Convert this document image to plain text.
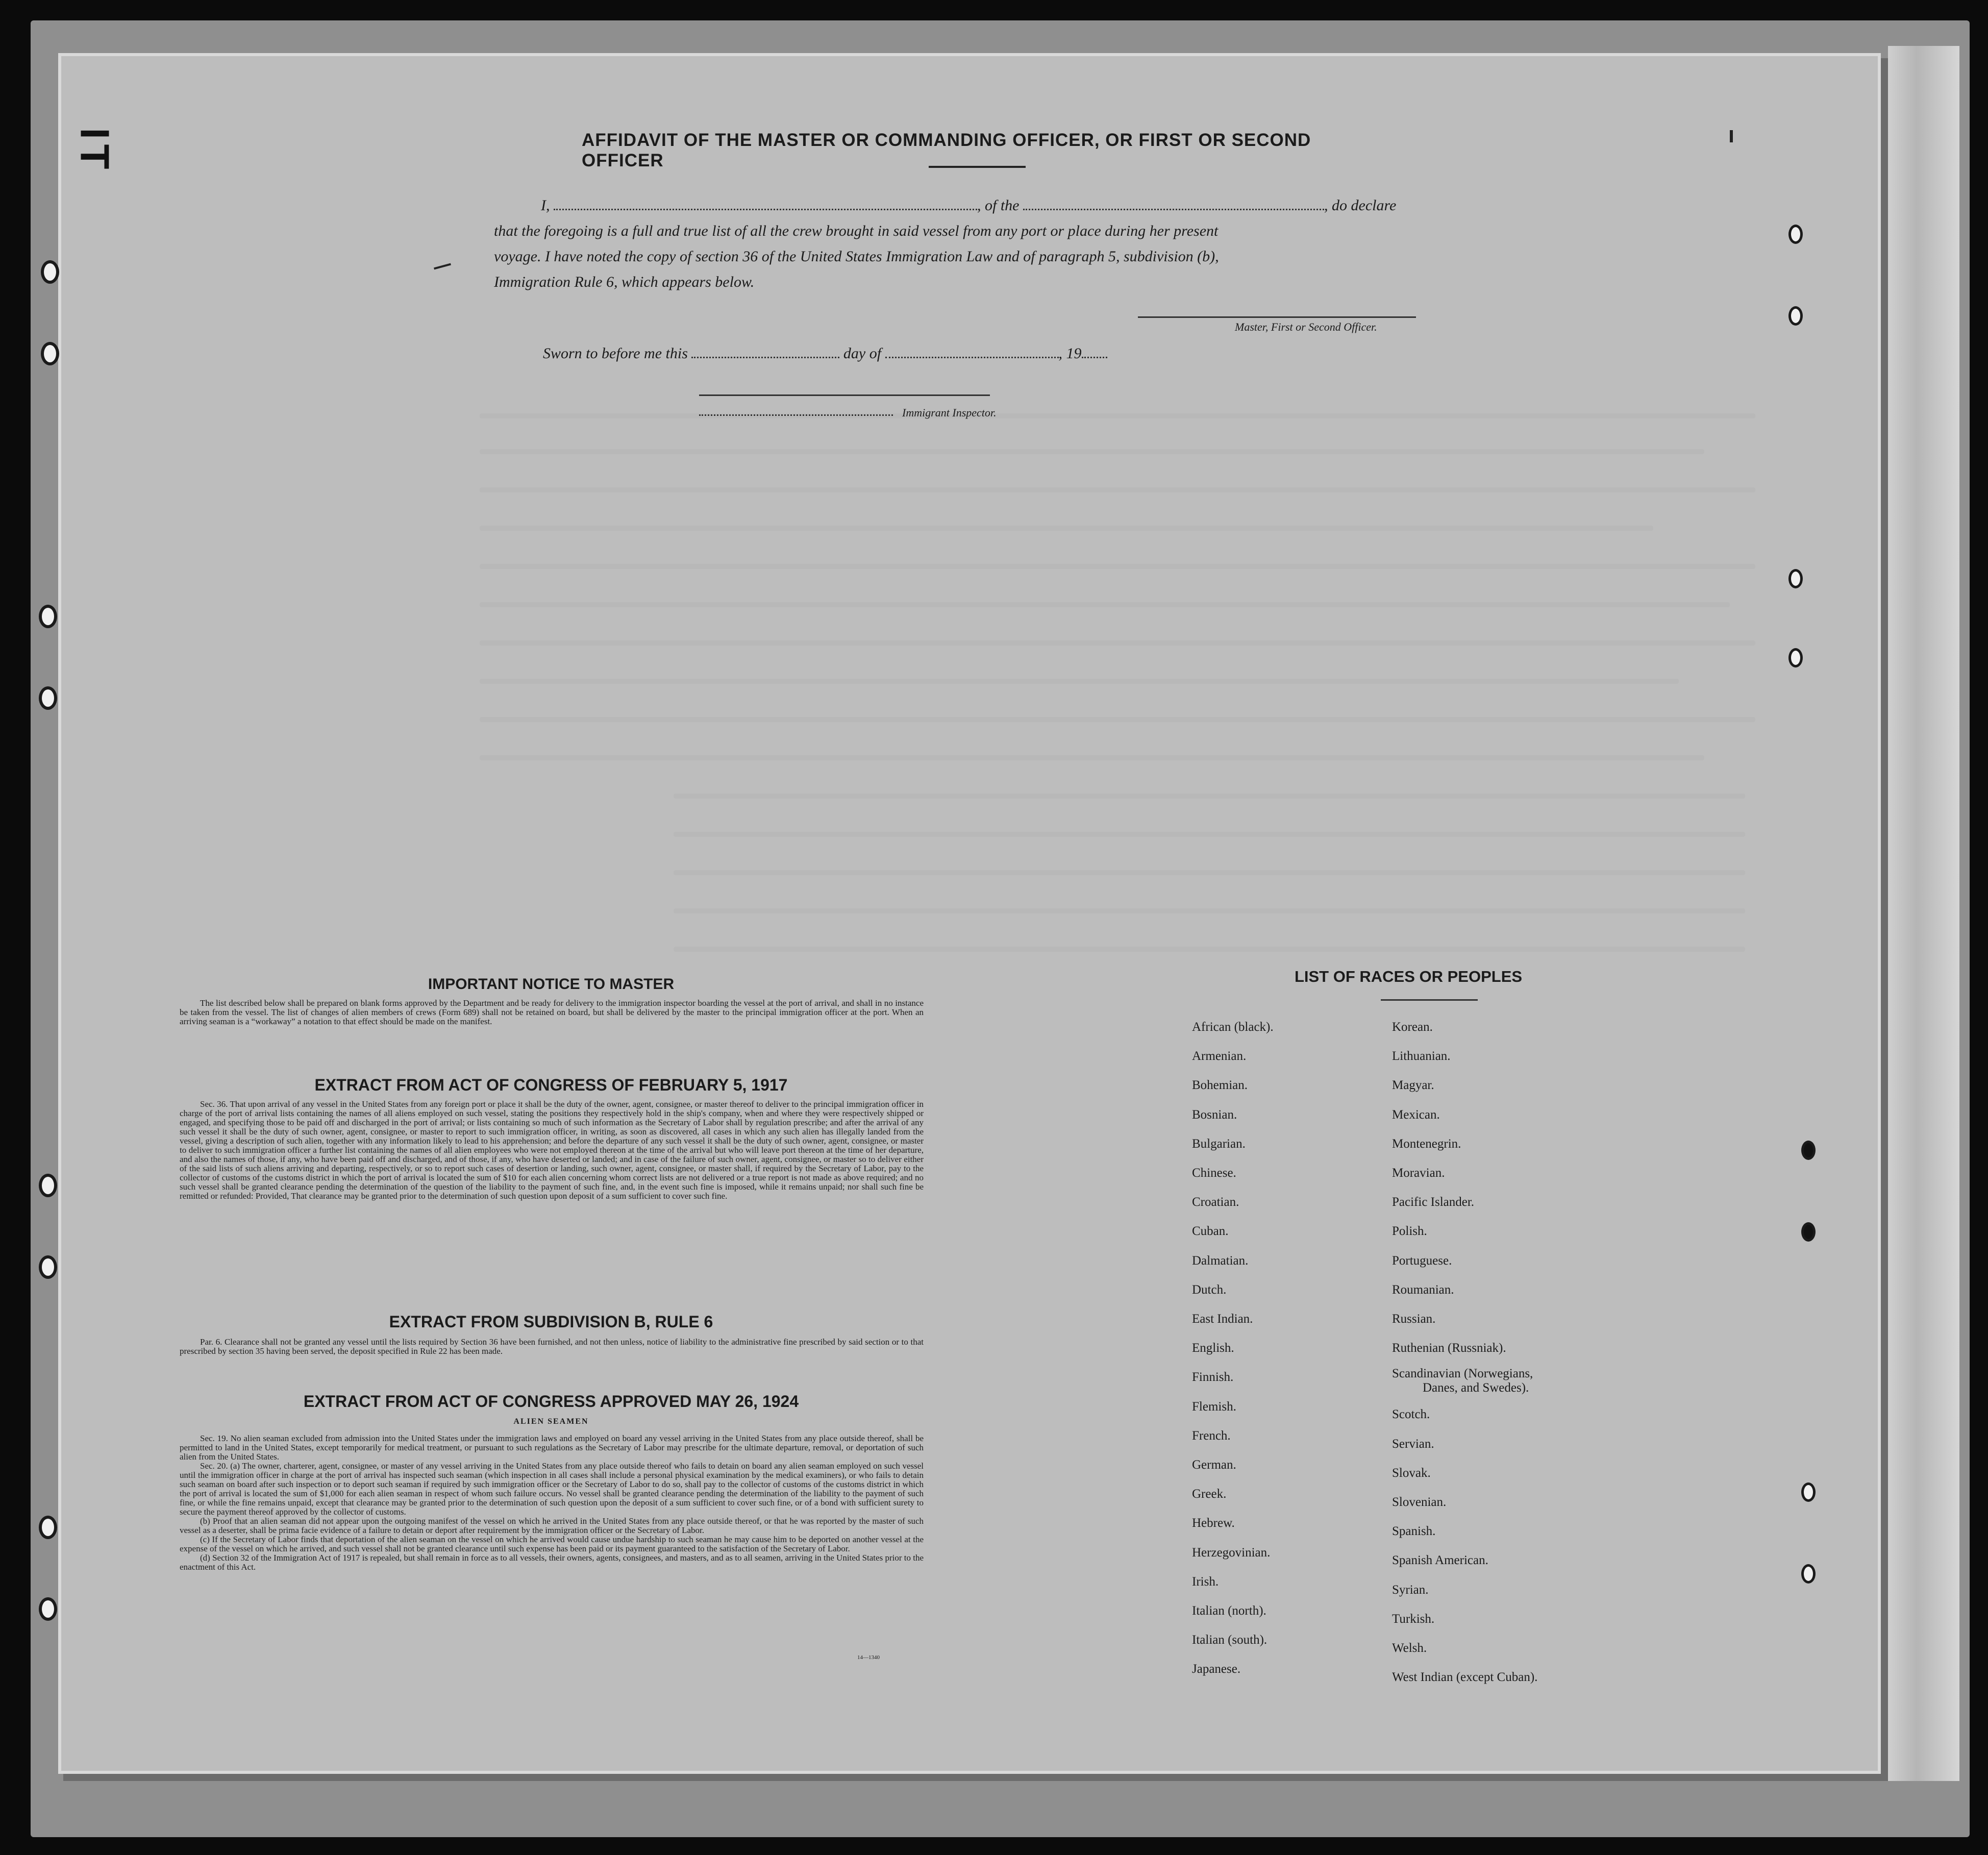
IT	AFFIDAVIT OF THE MASTER OR COMMANDING OFFICER, OR FIRST OR SECOND OFFICER
I,	, of the	, do declare
that the foregoing is a full and true list of all the crew brought in said vessel from any port or place during her present
voyage. I have noted the copy of section 36 of the United States Immigration Law and of paragraph 5, subdivision (b),
Immigration Rule 6, which appears below.
Master, First or Second Officer.
Sworn to before me this	day of	, 19
Immigrant Inspector.
IMPORTANT NOTICE TO MASTER

The list described below shall be prepared on blank forms approved by the Department and be ready for delivery to the immigration inspector boarding the vessel at the port of arrival, and shall in no instance be taken from the vessel. The list of changes of alien members of crews (Form 689) shall not be retained on board, but shall be delivered by the master to the principal immigration officer at the port. When an arriving seaman is a “workaway” a notation to that effect should be made on the manifest.

EXTRACT FROM ACT OF CONGRESS OF FEBRUARY 5, 1917

Sec. 36. That upon arrival of any vessel in the United States from any foreign port or place it shall be the duty of the owner, agent, consignee, or master thereof to deliver to the principal immigration officer in charge of the port of arrival lists containing the names of all aliens employed on such vessel, stating the positions they respectively hold in the ship's company, when and where they were respectively shipped or engaged, and specifying those to be paid off and discharged in the port of arrival; or lists containing so much of such information as the Secretary of Labor shall by regulation prescribe; and after the arrival of any such vessel it shall be the duty of such owner, agent, consignee, or master to report to such immigration officer, in writing, as soon as discovered, all cases in which any such alien has illegally landed from the vessel, giving a description of such alien, together with any information likely to lead to his apprehension; and before the departure of any such vessel it shall be the duty of such owner, agent, consignee, or master to deliver to such immigration officer a further list containing the names of all alien employees who were not employed thereon at the time of the arrival but who will leave port thereon at the time of her departure, and also the names of those, if any, who have been paid off and discharged, and of those, if any, who have deserted or landed; and in case of the failure of such owner, agent, consignee, or master so to deliver either of the said lists of such aliens arriving and departing, respectively, or so to report such cases of desertion or landing, such owner, agent, consignee, or master shall, if required by the Secretary of Labor, pay to the collector of customs of the customs district in which the port of arrival is located the sum of $10 for each alien concerning whom correct lists are not delivered or a true report is not made as above required; and no such vessel shall be granted clearance pending the determination of the question of the liability to the payment of such fine, and, in the event such fine is imposed, while it remains unpaid; nor shall such fine be remitted or refunded: Provided, That clearance may be granted prior to the determination of such question upon deposit of a sum sufficient to cover such fine.

EXTRACT FROM SUBDIVISION B, RULE 6

Par. 6. Clearance shall not be granted any vessel until the lists required by Section 36 have been furnished, and not then unless, notice of liability to the administrative fine prescribed by said section or to that prescribed by section 35 having been served, the deposit specified in Rule 22 has been made.

EXTRACT FROM ACT OF CONGRESS APPROVED MAY 26, 1924
ALIEN SEAMEN

Sec. 19. No alien seaman excluded from admission into the United States under the immigration laws and employed on board any vessel arriving in the United States from any place outside thereof, shall be permitted to land in the United States, except temporarily for medical treatment, or pursuant to such regulations as the Secretary of Labor may prescribe for the ultimate departure, removal, or deportation of such alien from the United States.

Sec. 20. (a) The owner, charterer, agent, consignee, or master of any vessel arriving in the United States from any place outside thereof who fails to detain on board any alien seaman employed on such vessel until the immigration officer in charge at the port of arrival has inspected such seaman (which inspection in all cases shall include a personal physical examination by the medical examiners), or who fails to detain such seaman on board after such inspection or to deport such seaman if required by such immigration officer or the Secretary of Labor to do so, shall pay to the collector of customs of the customs district in which the port of arrival is located the sum of $1,000 for each alien seaman in respect of whom such failure occurs. No vessel shall be granted clearance pending the determination of the liability to the payment of such fine, or while the fine remains unpaid, except that clearance may be granted prior to the determination of such question upon the deposit of a sum sufficient to cover such fine, or of a bond with sufficient surety to secure the payment thereof approved by the collector of customs.

(b) Proof that an alien seaman did not appear upon the outgoing manifest of the vessel on which he arrived in the United States from any place outside thereof, or that he was reported by the master of such vessel as a deserter, shall be prima facie evidence of a failure to detain or deport after requirement by the immigration officer or the Secretary of Labor.

(c) If the Secretary of Labor finds that deportation of the alien seaman on the vessel on which he arrived would cause undue hardship to such seaman he may cause him to be deported on another vessel at the expense of the vessel on which he arrived, and such vessel shall not be granted clearance until such expense has been paid or its payment guaranteed to the satisfaction of the Secretary of Labor.

(d) Section 32 of the Immigration Act of 1917 is repealed, but shall remain in force as to all vessels, their owners, agents, consignees, and masters, and as to all seamen, arriving in the United States prior to the enactment of this Act.

14—1340
LIST OF RACES OR PEOPLES
African (black).
Armenian.
Bohemian.
Bosnian.
Bulgarian.
Chinese.
Croatian.
Cuban.
Dalmatian.
Dutch.
East Indian.
English.
Finnish.
Flemish.
French.
German.
Greek.
Hebrew.
Herzegovinian.
Irish.
Italian (north).
Italian (south).
Japanese.
Korean.
Lithuanian.
Magyar.
Mexican.
Montenegrin.
Moravian.
Pacific Islander.
Polish.
Portuguese.
Roumanian.
Russian.
Ruthenian (Russniak).
Scandinavian (Norwegians,
Danes, and Swedes).
Scotch.
Servian.
Slovak.
Slovenian.
Spanish.
Spanish American.
Syrian.
Turkish.
Welsh.
West Indian (except Cuban).
